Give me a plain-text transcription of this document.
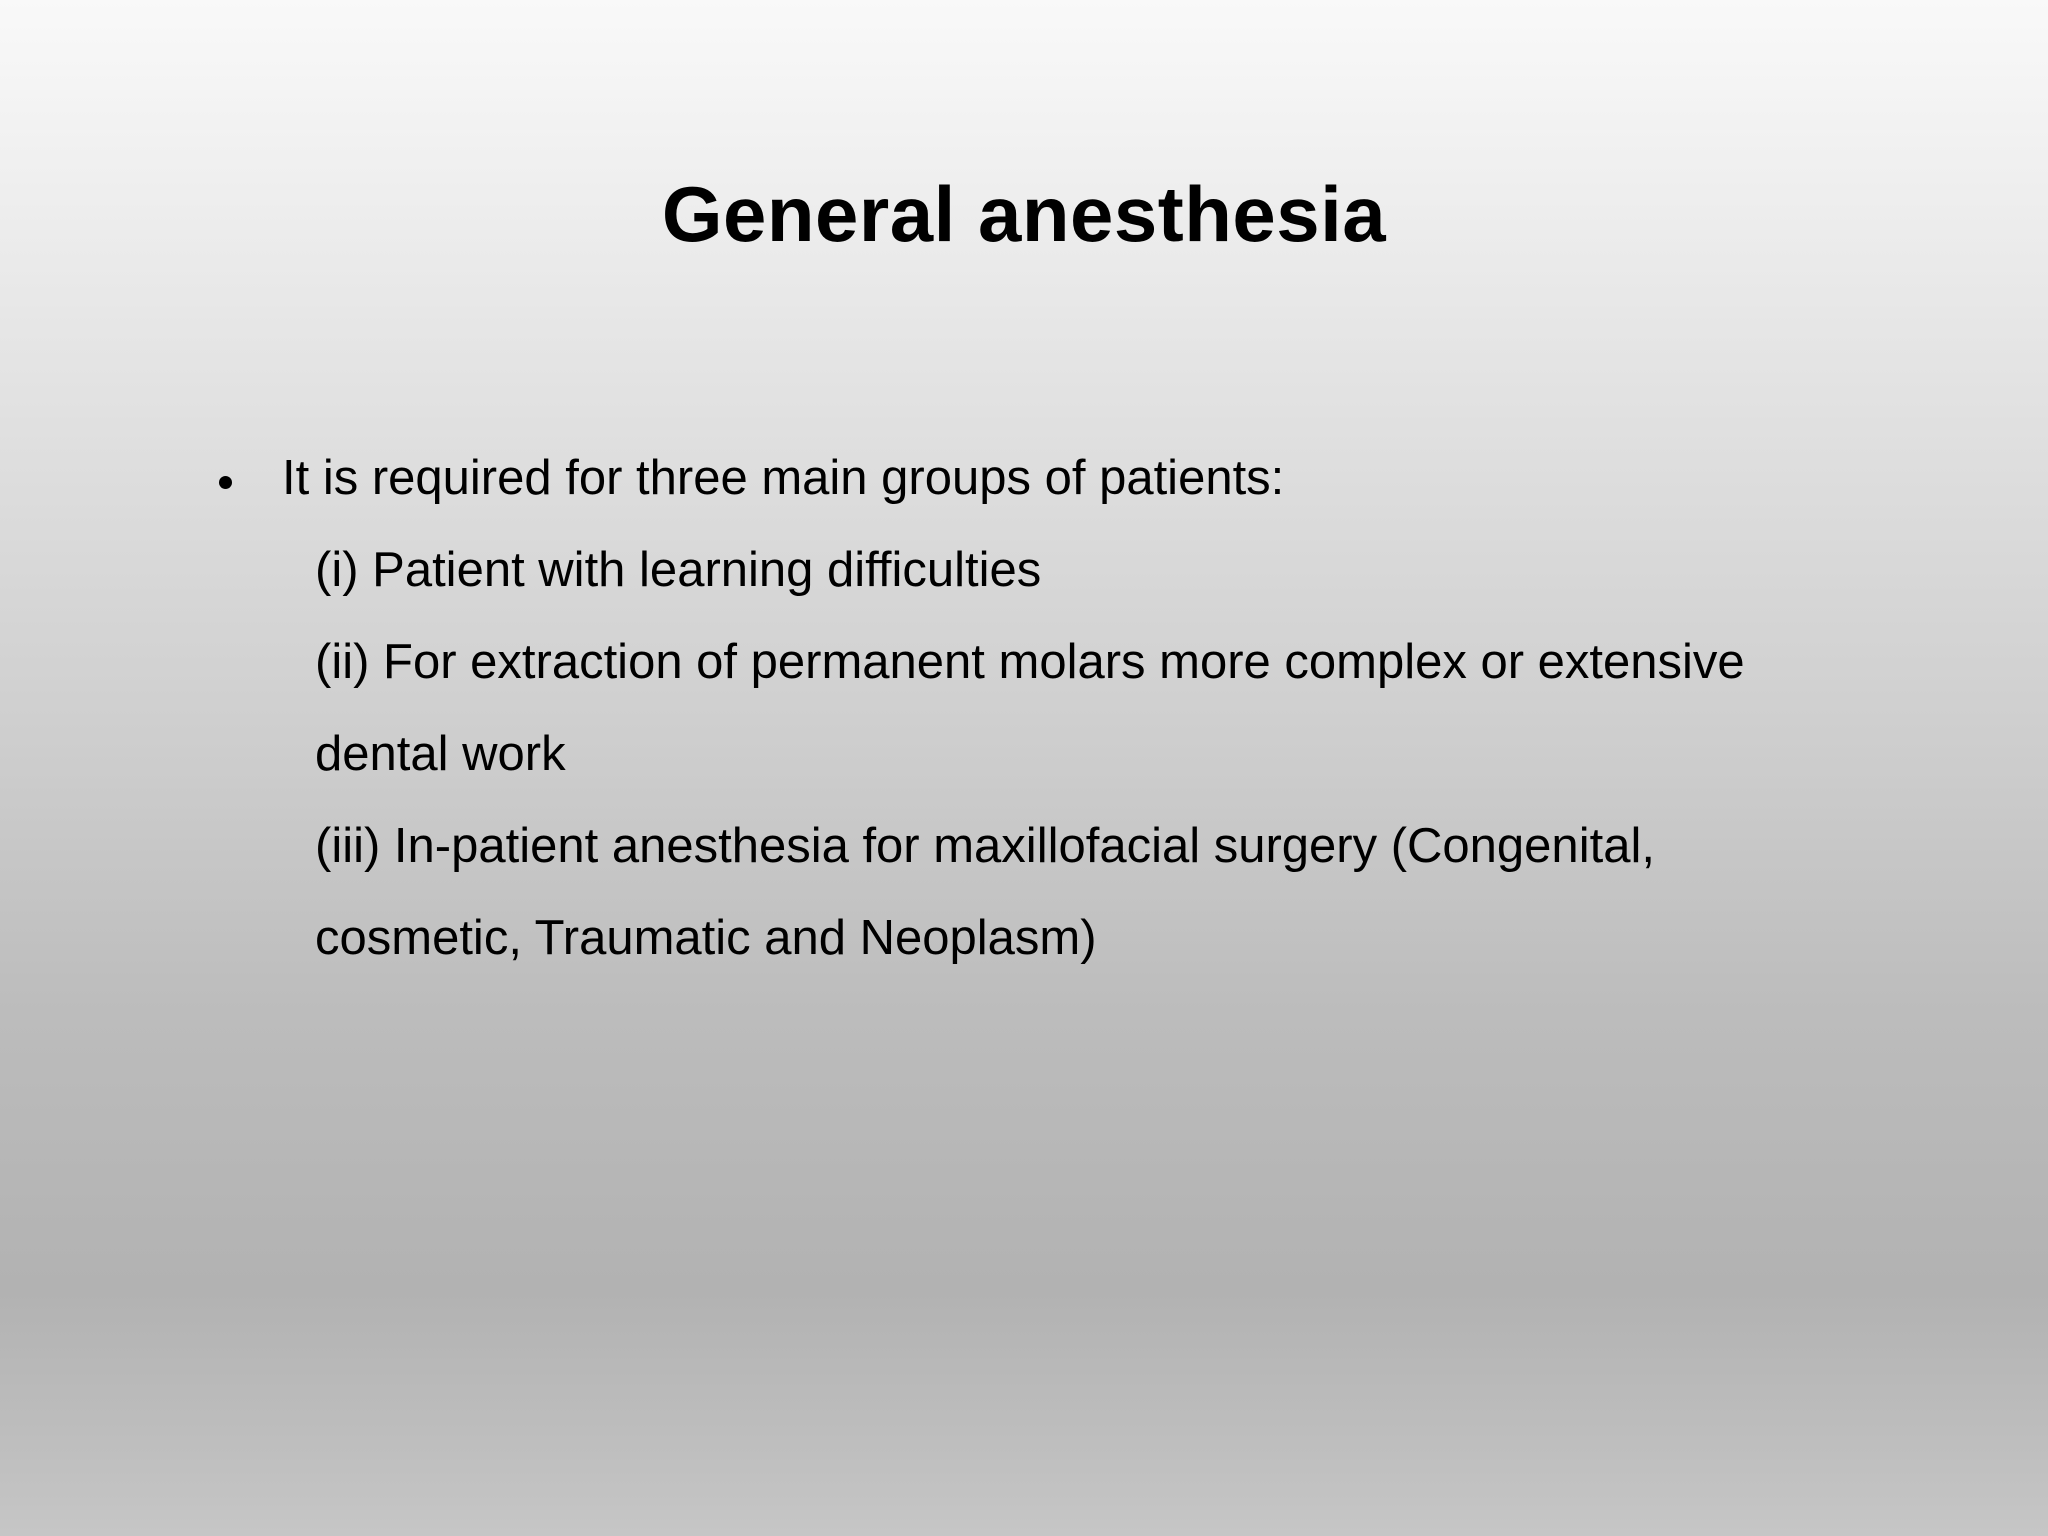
General anesthesia
It is required for three main groups of patients:
(i) Patient with learning difficulties
(ii) For extraction of permanent molars more complex or extensive
dental work
(iii) In-patient anesthesia for maxillofacial surgery (Congenital,
cosmetic, Traumatic and Neoplasm)
